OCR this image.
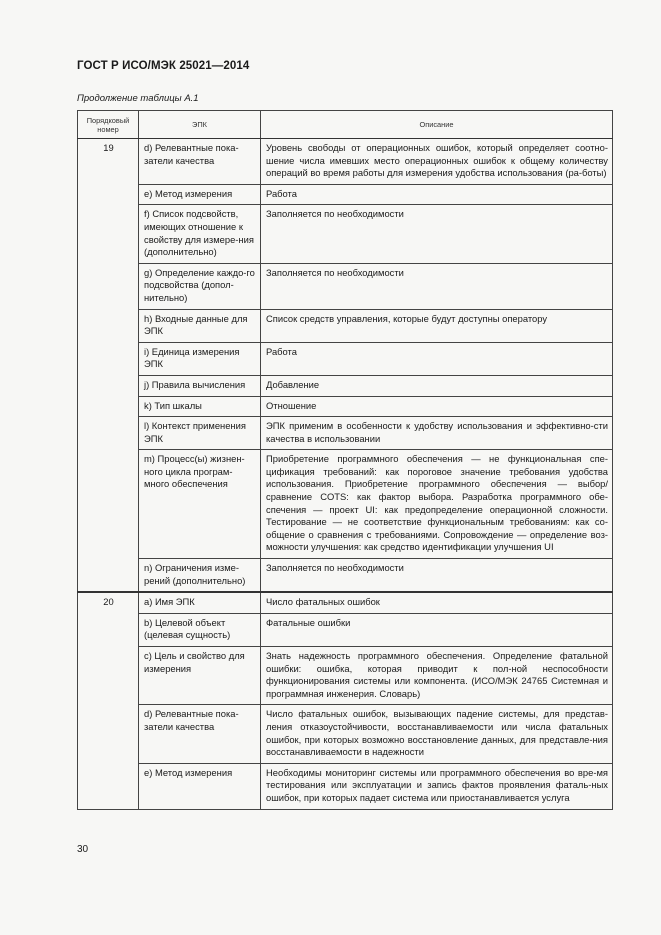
ГОСТ Р ИСО/МЭК 25021—2014
Продолжение таблицы А.1
Порядковый номер	ЭПК	Описание
19	d) Релевантные пока-затели качества	Уровень свободы от операционных ошибок, который определяет соотно-шение числа имевших место операционных ошибок к общему количеству операций во время работы для измерения удобства использования (ра-боты)
	e) Метод измерения	Работа
	f) Список подсвойств, имеющих отношение к свойству для измере-ния (дополнительно)	Заполняется по необходимости
	g) Определение каждо-го подсвойства (допол-нительно)	Заполняется по необходимости
	h) Входные данные для ЭПК	Список средств управления, которые будут доступны оператору
	i) Единица измерения ЭПК	Работа
	j) Правила вычисления	Добавление
	k) Тип шкалы	Отношение
	l) Контекст применения ЭПК	ЭПК применим в особенности к удобству использования и эффективно-сти качества в использовании
	m) Процесс(ы) жизнен-ного цикла програм-много обеспечения	Приобретение программного обеспечения — не функциональная спе-цификация требований: как пороговое значение требования удобства использования. Приобретение программного обеспечения — выбор/сравнение COTS: как фактор выбора. Разработка программного обе-спечения — проект UI: как предопределение операционной сложности. Тестирование — не соответствие функциональным требованиям: как со-общение о сравнения с требованиями. Сопровождение — определение воз-можности улучшения: как средство идентификации улучшения UI
	n) Ограничения изме-рений (дополнительно)	Заполняется по необходимости
20	a) Имя ЭПК	Число фатальных ошибок
	b) Целевой объект (целевая сущность)	Фатальные ошибки
	c) Цель и свойство для измерения	Знать надежность программного обеспечения. Определение фатальной ошибки: ошибка, которая приводит к пол-ной неспособности функционирования системы или компонента. (ИСО/МЭК 24765 Системная и программная инженерия. Словарь)
	d) Релевантные пока-затели качества	Число фатальных ошибок, вызывающих падение системы, для представ-ления отказоустойчивости, восстанавливаемости или числа фатальных ошибок, при которых возможно восстановление данных, для представле-ния восстанавливаемости в надежности
	e) Метод измерения	Необходимы мониторинг системы или программного обеспечения во вре-мя тестирования или эксплуатации и запись фактов проявления фаталь-ных ошибок, при которых падает система или приостанавливается услуга
30
